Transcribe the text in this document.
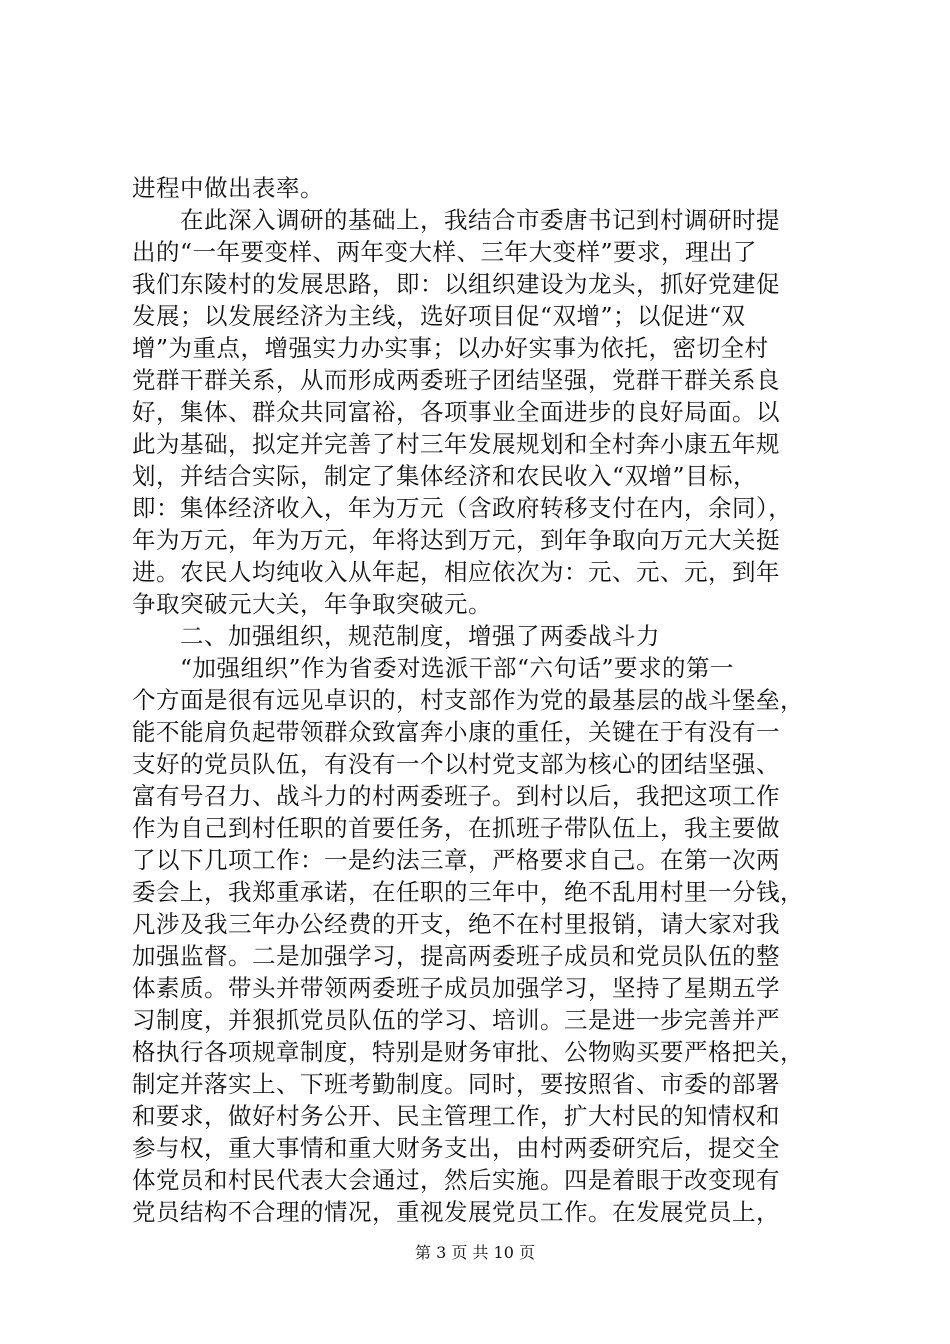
进程中做出表率。
　　在此深入调研的基础上，我结合市委唐书记到村调研时提
出的“一年要变样、两年变大样、三年大变样”要求，理出了
我们东陵村的发展思路，即：以组织建设为龙头，抓好党建促
发展；以发展经济为主线，选好项目促“双增”；以促进“双
增”为重点，增强实力办实事；以办好实事为依托，密切全村
党群干群关系，从而形成两委班子团结坚强，党群干群关系良
好，集体、群众共同富裕，各项事业全面进步的良好局面。以
此为基础，拟定并完善了村三年发展规划和全村奔小康五年规
划，并结合实际，制定了集体经济和农民收入“双增”目标，
即：集体经济收入，年为万元（含政府转移支付在内，余同），
年为万元，年为万元，年将达到万元，到年争取向万元大关挺
进。农民人均纯收入从年起，相应依次为：元、元、元，到年
争取突破元大关，年争取突破元。
　　二、加强组织，规范制度，增强了两委战斗力
　　“加强组织”作为省委对选派干部“六句话”要求的第一
个方面是很有远见卓识的，村支部作为党的最基层的战斗堡垒，
能不能肩负起带领群众致富奔小康的重任，关键在于有没有一
支好的党员队伍，有没有一个以村党支部为核心的团结坚强、
富有号召力、战斗力的村两委班子。到村以后，我把这项工作
作为自己到村任职的首要任务，在抓班子带队伍上，我主要做
了以下几项工作：一是约法三章，严格要求自己。在第一次两
委会上，我郑重承诺，在任职的三年中，绝不乱用村里一分钱，
凡涉及我三年办公经费的开支，绝不在村里报销，请大家对我
加强监督。二是加强学习，提高两委班子成员和党员队伍的整
体素质。带头并带领两委班子成员加强学习，坚持了星期五学
习制度，并狠抓党员队伍的学习、培训。三是进一步完善并严
格执行各项规章制度，特别是财务审批、公物购买要严格把关，
制定并落实上、下班考勤制度。同时，要按照省、市委的部署
和要求，做好村务公开、民主管理工作，扩大村民的知情权和
参与权，重大事情和重大财务支出，由村两委研究后，提交全
体党员和村民代表大会通过，然后实施。四是着眼于改变现有
党员结构不合理的情况，重视发展党员工作。在发展党员上，
第 3 页 共 10 页
